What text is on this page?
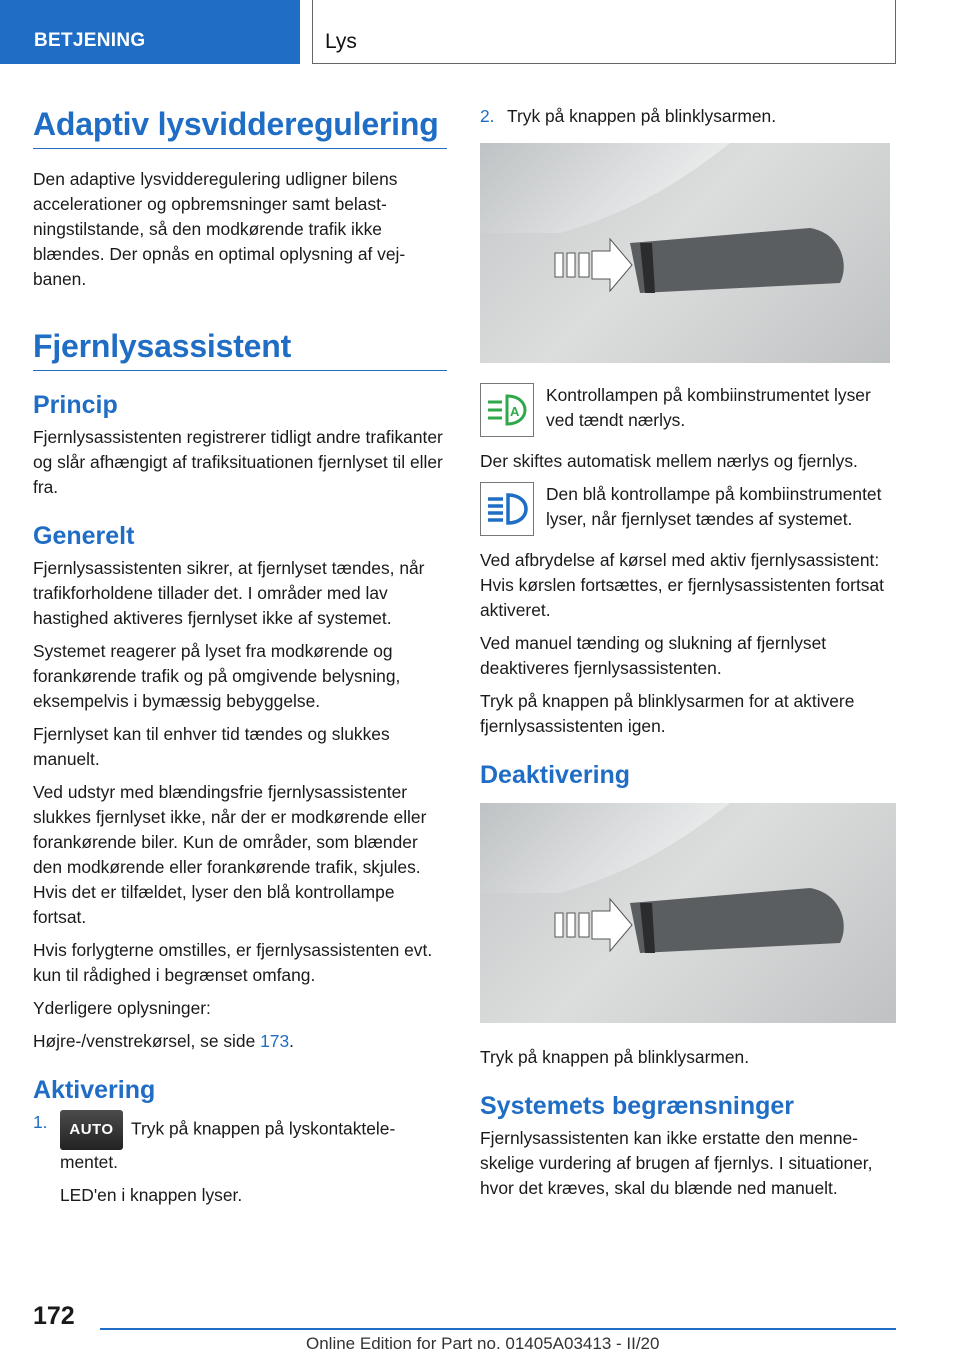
BETJENING	Lys
Adaptiv lysvidderegulering

Den adaptive lysvidderegulering udligner bilens accelerationer og opbremsninger samt belastningstilstande, så den modkørende trafik ikke blændes. Der opnås en optimal oplysning af vejbanen.

Fjernlysassistent
Princip

Fjernlysassistenten registrerer tidligt andre trafikanter og slår afhængigt af trafiksituationen fjernlyset til eller fra.

Generelt

Fjernlysassistenten sikrer, at fjernlyset tændes, når trafikforholdene tillader det. I områder med lav hastighed aktiveres fjernlyset ikke af systemet.

Systemet reagerer på lyset fra modkørende og forankørende trafik og på omgivende belysning, eksempelvis i bymæssig bebyggelse.

Fjernlyset kan til enhver tid tændes og slukkes manuelt.

Ved udstyr med blændingsfrie fjernlysassistenter slukkes fjernlyset ikke, når der er modkørende eller forankørende biler. Kun de områder, som blænder den modkørende eller forankørende trafik, skjules. Hvis det er tilfældet, lyser den blå kontrollampe fortsat.

Hvis forlygterne omstilles, er fjernlysassistenten evt. kun til rådighed i begrænset omfang.

Yderligere oplysninger:

Højre-/venstrekørsel, se side 173.

Aktivering
1.	AUTO Tryk på knappen på lyskontaktelementet.

LED'en i knappen lyser.

2. Tryk på knappen på blinklysarmen.
A
Kontrollampen på kombiinstrumentet lyser ved tændt nærlys.

Der skiftes automatisk mellem nærlys og fjernlys.

Den blå kontrollampe på kombiinstrumentet lyser, når fjernlyset tændes af systemet.

Ved afbrydelse af kørsel med aktiv fjernlysassistent: Hvis kørslen fortsættes, er fjernlysassistenten fortsat aktiveret.

Ved manuel tænding og slukning af fjernlyset deaktiveres fjernlysassistenten.

Tryk på knappen på blinklysarmen for at aktivere fjernlysassistenten igen.

Deaktivering

Tryk på knappen på blinklysarmen.

Systemets begrænsninger

Fjernlysassistenten kan ikke erstatte den menneskelige vurdering af brugen af fjernlys. I situationer, hvor det kræves, skal du blænde ned manuelt.

172
Online Edition for Part no. 01405A03413 - II/20
